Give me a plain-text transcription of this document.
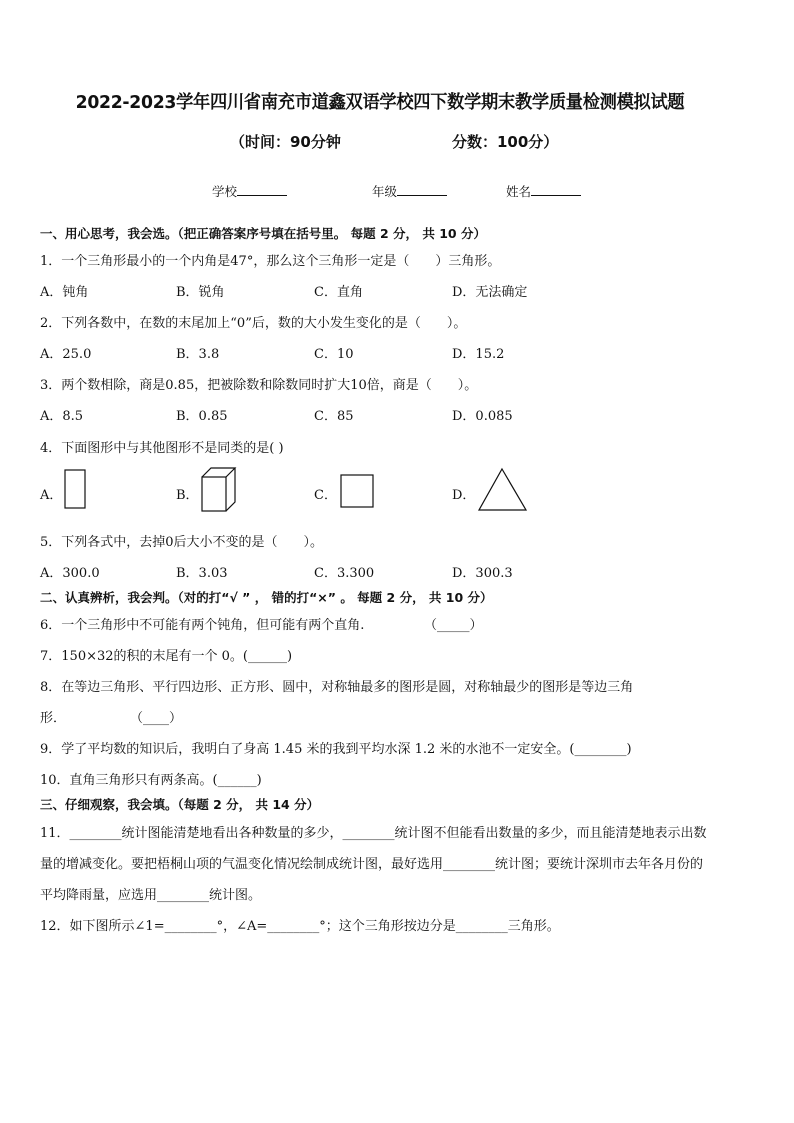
2022-2023学年四川省南充市道鑫双语学校四下数学期末教学质量检测模拟试题
（时间：90分钟	分数：100分）
学校	年级	姓名
一、用心思考，我会选。（把正确答案序号填在括号里。 每题 2 分， 共 10 分）
1．一个三角形最小的一个内角是47°，那么这个三角形一定是（　　）三角形。
A．钝角	B．锐角	C．直角	D．无法确定
2．下列各数中，在数的末尾加上“0”后，数的大小发生变化的是（　　）。
A．25.0	B．3.8	C．10	D．15.2
3．两个数相除，商是0.85，把被除数和除数同时扩大10倍，商是（　　）。
A．8.5	B．0.85	C．85	D．0.085
4．下面图形中与其他图形不是同类的是( )
A．	B．	C．	D．
5．下列各式中，去掉0后大小不变的是（　　）。
A．300.0	B．3.03	C．3.300	D．300.3
二、认真辨析，我会判。（对的打“√ ” ， 错的打“×” 。 每题 2 分， 共 10 分）
6．一个三角形中不可能有两个钝角，但可能有两个直角.	（_____）
7．150×32的积的末尾有一个 0。(______)
8．在等边三角形、平行四边形、正方形、圆中，对称轴最多的图形是圆，对称轴最少的图形是等边三角
形．	（____）
9．学了平均数的知识后，我明白了身高 1.45 米的我到平均水深 1.2 米的水池不一定安全。(________)
10．直角三角形只有两条高。(______)
三、仔细观察，我会填。（每题 2 分， 共 14 分）
11．________统计图能清楚地看出各种数量的多少，________统计图不但能看出数量的多少，而且能清楚地表示出数
量的增减变化。要把梧桐山项的气温变化情况绘制成统计图，最好选用________统计图；要统计深圳市去年各月份的
平均降雨量，应选用________统计图。
12．如下图所示∠1=________°，∠A=________°；这个三角形按边分是________三角形。
